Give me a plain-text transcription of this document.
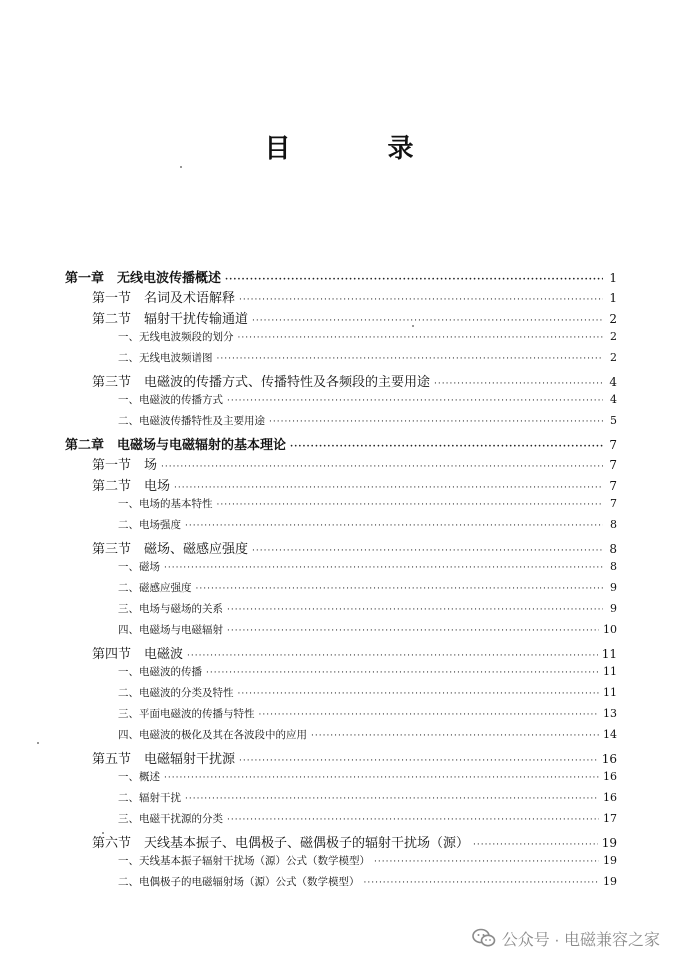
目 录
第一章　无线电波传播概述 ·····	1
第一节　名词及术语解释 ·····	1
第二节　辐射干扰传输通道 ·····	2
一、无线电波频段的划分 ·····	2
二、无线电波频谱图 ·····	2
第三节　电磁波的传播方式、传播特性及各频段的主要用途 ·····	4
一、电磁波的传播方式 ·····	4
二、电磁波传播特性及主要用途 ·····	5
第二章　电磁场与电磁辐射的基本理论 ·····	7
第一节　场 ·····	7
第二节　电场 ·····	7
一、电场的基本特性 ·····	7
二、电场强度 ·····	8
第三节　磁场、磁感应强度 ·····	8
一、磁场 ·····	8
二、磁感应强度 ·····	9
三、电场与磁场的关系 ·····	9
四、电磁场与电磁辐射 ·····	10
第四节　电磁波 ·····	11
一、电磁波的传播 ·····	11
二、电磁波的分类及特性 ·····	11
三、平面电磁波的传播与特性 ·····	13
四、电磁波的极化及其在各波段中的应用 ·····	14
第五节　电磁辐射干扰源 ·····	16
一、概述 ·····	16
二、辐射干扰 ·····	16
三、电磁干扰源的分类 ·····	17
第六节　天线基本振子、电偶极子、磁偶极子的辐射干扰场（源） ·····	19
一、天线基本振子辐射干扰场（源）公式（数学模型） ·····	19
二、电偶极子的电磁辐射场（源）公式（数学模型） ·····	19
公众号 · 电磁兼容之家
